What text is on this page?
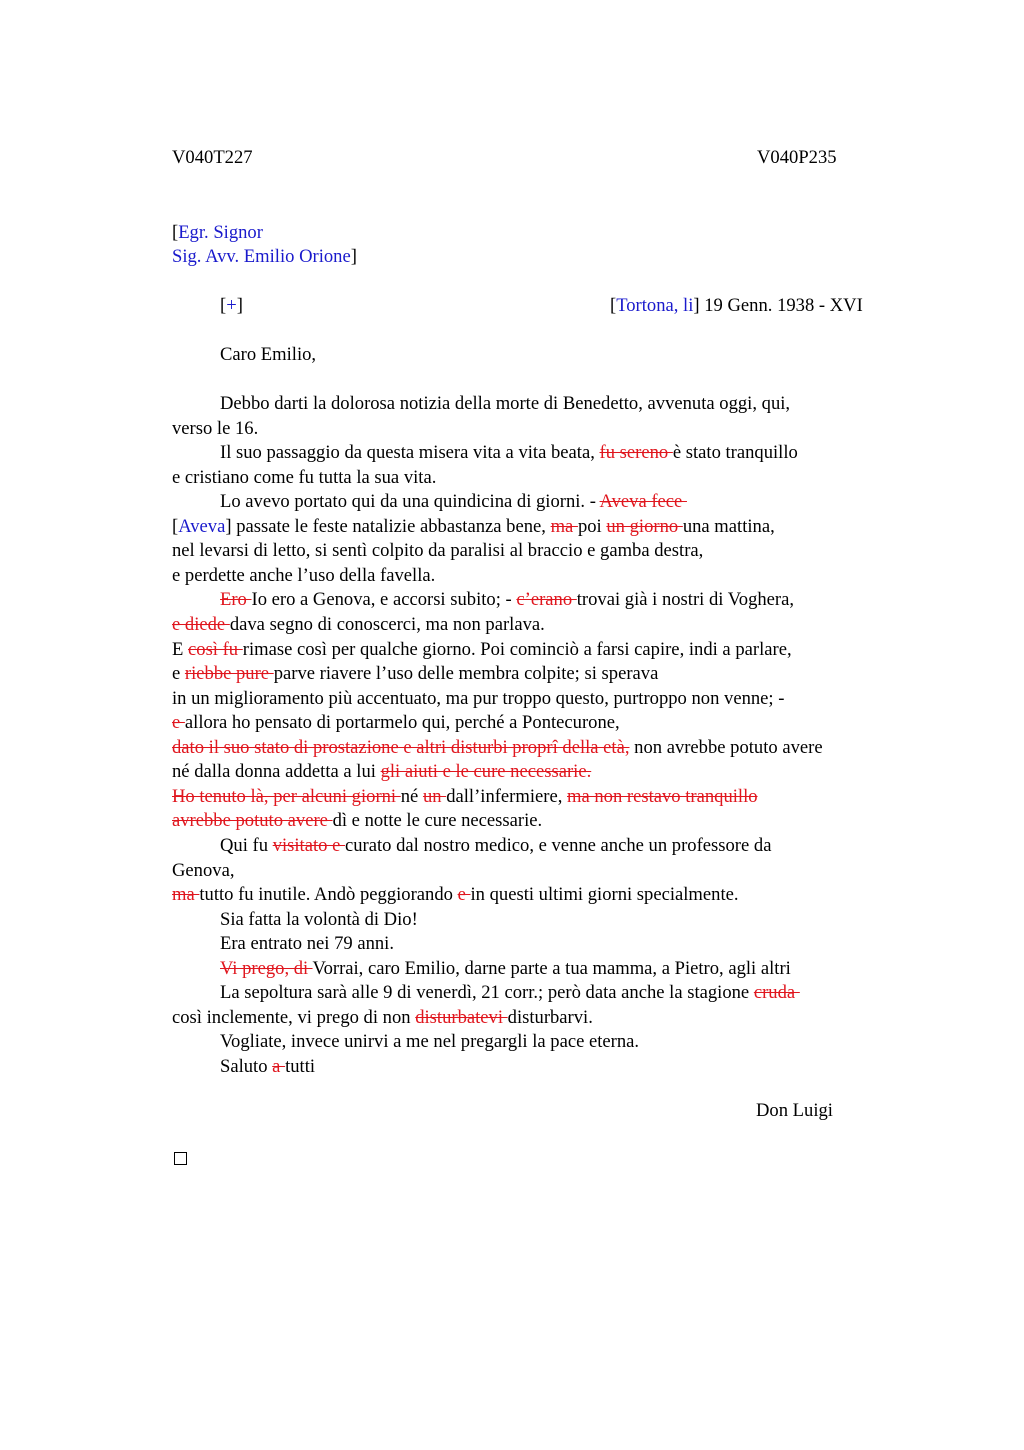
V040T227	V040P235
[Egr. Signor
Sig. Avv. Emilio Orione]
[+]	[Tortona, li] 19 Genn. 1938 - XVI
Caro Emilio,
Debbo darti la dolorosa notizia della morte di Benedetto, avvenuta oggi, qui,
verso le 16.
Il suo passaggio da questa misera vita a vita beata, fu sereno è stato tranquillo
e cristiano come fu tutta la sua vita.
Lo avevo portato qui da una quindicina di giorni. - Aveva fece
[Aveva] passate le feste natalizie abbastanza bene, ma poi un giorno una mattina,
nel levarsi di letto, si sentì colpito da paralisi al braccio e gamba destra,
e perdette anche l’uso della favella.
Ero Io ero a Genova, e accorsi subito; - c’erano trovai già i nostri di Voghera,
e diede dava segno di conoscerci, ma non parlava.
E così fu rimase così per qualche giorno. Poi cominciò a farsi capire, indi a parlare,
e riebbe pure parve riavere l’uso delle membra colpite; si sperava
in un miglioramento più accentuato, ma pur troppo questo, purtroppo non venne; -
e allora ho pensato di portarmelo qui, perché a Pontecurone,
dato il suo stato di prostazione e altri disturbi proprî della età, non avrebbe potuto avere
né dalla donna addetta a lui gli aiuti e le cure necessarie.
Ho tenuto là, per alcuni giorni né un dall’infermiere, ma non restavo tranquillo
avrebbe potuto avere dì e notte le cure necessarie.
Qui fu visitato e curato dal nostro medico, e venne anche un professore da
Genova,
ma tutto fu inutile. Andò peggiorando e in questi ultimi giorni specialmente.
Sia fatta la volontà di Dio!
Era entrato nei 79 anni.
Vi prego, di Vorrai, caro Emilio, darne parte a tua mamma, a Pietro, agli altri
La sepoltura sarà alle 9 di venerdì, 21 corr.; però data anche la stagione cruda
così inclemente, vi prego di non disturbatevi disturbarvi.
Vogliate, invece unirvi a me nel pregargli la pace eterna.
Saluto a tutti
Don Luigi
